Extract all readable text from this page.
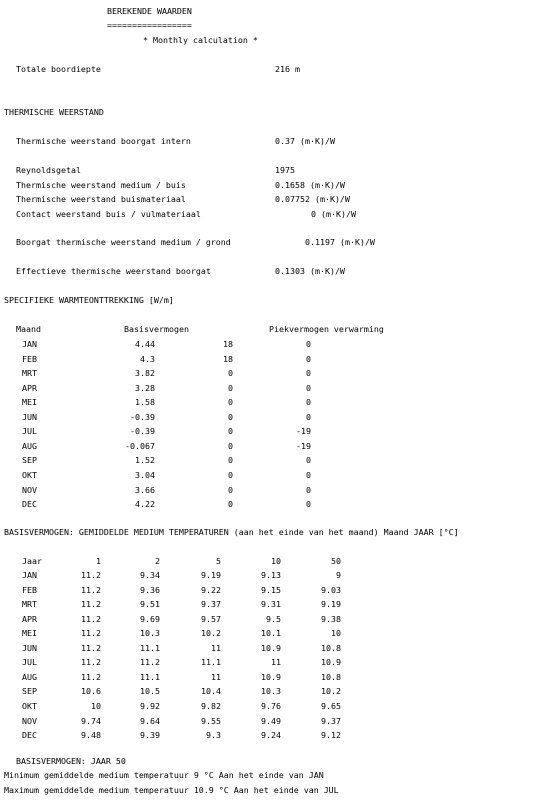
BEREKENDE WAARDEN
=================
* Monthly calculation *
Totale boordiepte	216 m
THERMISCHE WEERSTAND
Thermische weerstand boorgat intern	0.37 (m·K)/W
Reynoldsgetal	1975
Thermische weerstand medium / buis	0.1658 (m·K)/W
Thermische weerstand buismateriaal	0.07752 (m·K)/W
Contact weerstand buis / vulmateriaal	0 (m·K)/W
Boorgat thermische weerstand medium / grond	0.1197 (m·K)/W
Effectieve thermische weerstand boorgat	0.1303 (m·K)/W
SPECIFIEKE WARMTEONTTREKKING [W/m]
Maand	Basisvermogen	Piekvermogen verwarming
JAN	4.44	18	0
FEB	4.3	18	0
MRT	3.82	0	0
APR	3.28	0	0
MEI	1.58	0	0
JUN	-0.39	0	0
JUL	-0.39	0	-19
AUG	-0.067	0	-19
SEP	1.52	0	0
OKT	3.04	0	0
NOV	3.66	0	0
DEC	4.22	0	0
BASISVERMOGEN: GEMIDDELDE MEDIUM TEMPERATUREN (aan het einde van het maand) Maand JAAR [°C]
Jaar	1	2	5	10	50
JAN	11.2	9.34	9.19	9.13	9
FEB	11.2	9.36	9.22	9.15	9.03
MRT	11.2	9.51	9.37	9.31	9.19
APR	11.2	9.69	9.57	9.5	9.38
MEI	11.2	10.3	10.2	10.1	10
JUN	11.2	11.1	11	10.9	10.8
JUL	11.2	11.2	11.1	11	10.9
AUG	11.2	11.1	11	10.9	10.8
SEP	10.6	10.5	10.4	10.3	10.2
OKT	10	9.92	9.82	9.76	9.65
NOV	9.74	9.64	9.55	9.49	9.37
DEC	9.48	9.39	9.3	9.24	9.12
BASISVERMOGEN: JAAR 50
Minimum gemiddelde medium temperatuur 9 °C Aan het einde van JAN
Maximum gemiddelde medium temperatuur 10.9 °C Aan het einde van JUL
